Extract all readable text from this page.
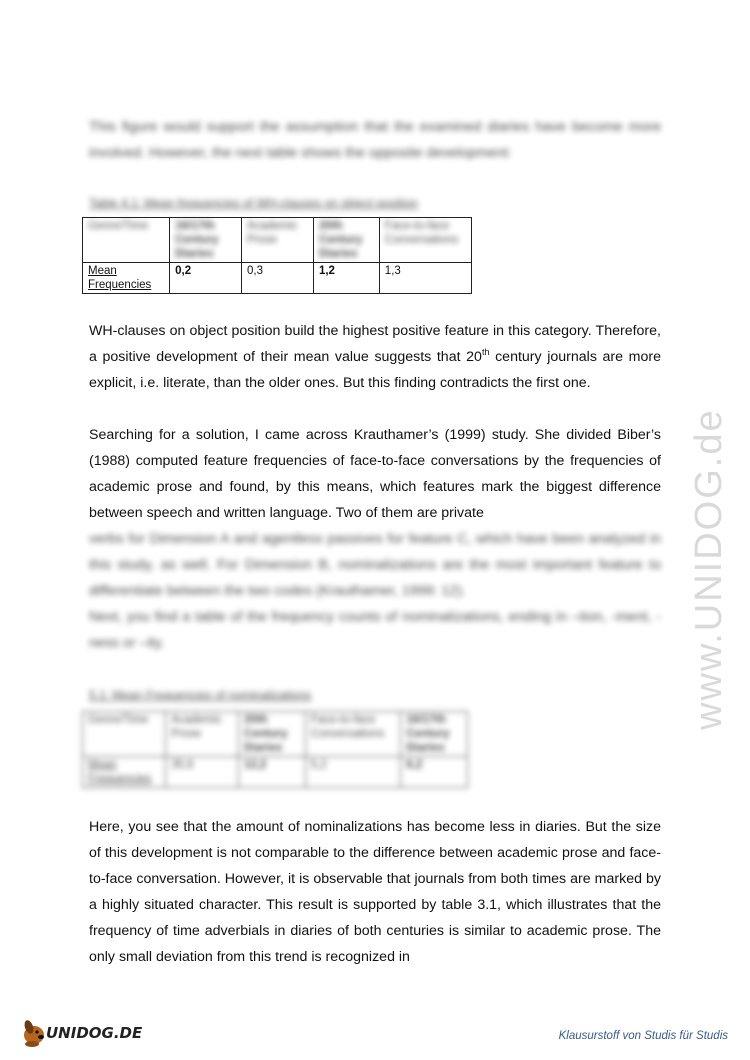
This figure would support the assumption that the examined diaries have become more involved. However, the next table shows the opposite development:

Table 4.1: Mean frequencies of WH-clauses on object position

Genre/Time	16/17th Century Diaries	Academic Prose	20th Century Diaries	Face-to-face Conversations
Mean Frequencies	0,2	0,3	1,2	1,3

WH-clauses on object position build the highest positive feature in this category. Therefore, a positive development of their mean value suggests that 20th century journals are more explicit, i.e. literate, than the older ones. But this finding contradicts the first one.

Searching for a solution, I came across Krauthamer’s (1999) study. She divided Biber’s (1988) computed feature frequencies of face-to-face conversations by the frequencies of academic prose and found, by this means, which features mark the biggest difference between speech and written language. Two of them are private

verbs for Dimension A and agentless passives for feature C, which have been analyzed in this study, as well. For Dimension B, nominalizations are the most important feature to differentiate between the two codes (Krauthamer, 1999: 12).

Next, you find a table of the frequency counts of nominalizations, ending in –tion, -ment, -ness or –ity.

5.1: Mean Frequencies of nominalizations

Genre/Time	Academic Prose	20th Century Diaries	Face-to-face Conversations	16/17th Century Diaries
Mean Frequencies	35,6	12,2	5,2	6,2

Here, you see that the amount of nominalizations has become less in diaries. But the size of this development is not comparable to the difference between academic prose and face-to-face conversation. However, it is observable that journals from both times are marked by a highly situated character. This result is supported by table 3.1, which illustrates that the frequency of time adverbials in diaries of both centuries is similar to academic prose. The only small deviation from this trend is recognized in

www.UNIDOG.de
UNIDOG.DE	Klausurstoff von Studis für Studis
